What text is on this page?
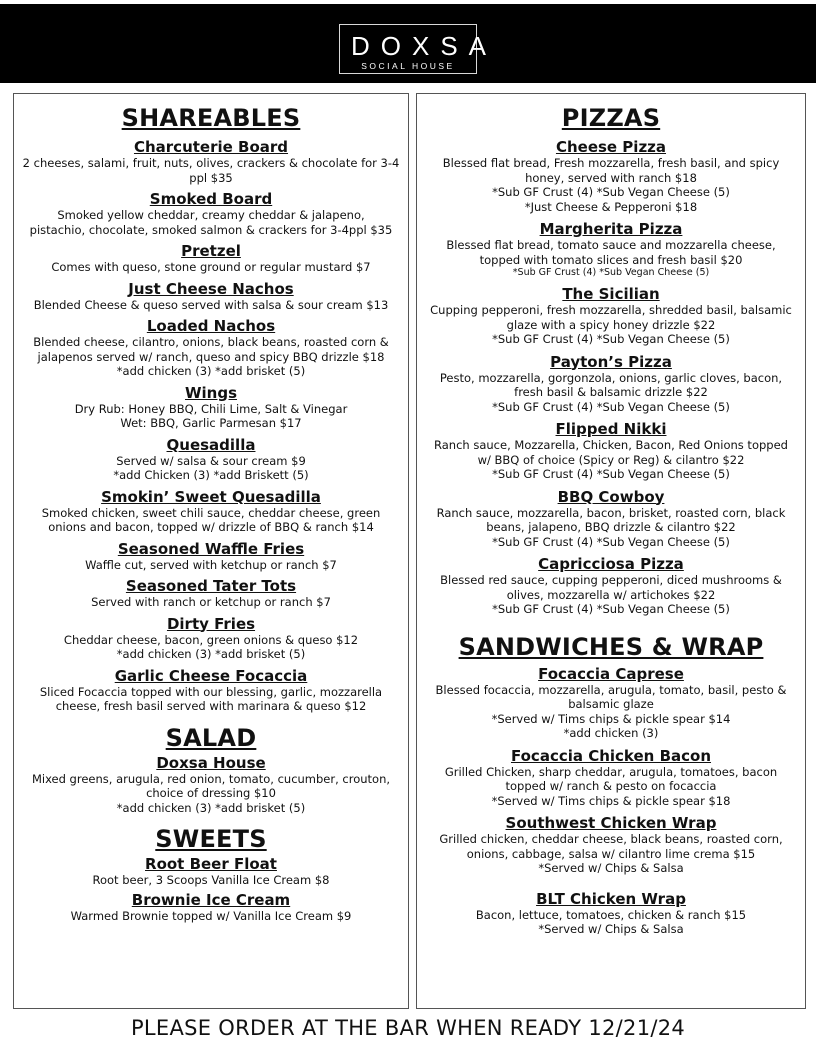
DOXSA
SOCIAL HOUSE
SHAREABLES
Charcuterie Board
2 cheeses, salami, fruit, nuts, olives, crackers & chocolate for 3-4
ppl $35
Smoked Board
Smoked yellow cheddar, creamy cheddar & jalapeno,
pistachio, chocolate, smoked salmon & crackers for 3-4ppl $35
Pretzel
Comes with queso, stone ground or regular mustard $7
Just Cheese Nachos
Blended Cheese & queso served with salsa & sour cream $13
Loaded Nachos
Blended cheese, cilantro, onions, black beans, roasted corn &
jalapenos served w/ ranch, queso and spicy BBQ drizzle $18
*add chicken (3) *add brisket (5)
Wings
Dry Rub: Honey BBQ, Chili Lime, Salt & Vinegar
Wet: BBQ, Garlic Parmesan $17
Quesadilla
Served w/ salsa & sour cream $9
*add Chicken (3) *add Briskett (5)
Smokin’ Sweet Quesadilla
Smoked chicken, sweet chili sauce, cheddar cheese, green
onions and bacon, topped w/ drizzle of BBQ & ranch $14
Seasoned Waffle Fries
Waffle cut, served with ketchup or ranch $7
Seasoned Tater Tots
Served with ranch or ketchup or ranch $7
Dirty Fries
Cheddar cheese, bacon, green onions & queso $12
*add chicken (3) *add brisket (5)
Garlic Cheese Focaccia
Sliced Focaccia topped with our blessing, garlic, mozzarella
cheese, fresh basil served with marinara & queso $12
SALAD
Doxsa House
Mixed greens, arugula, red onion, tomato, cucumber, crouton,
choice of dressing $10
*add chicken (3) *add brisket (5)
SWEETS
Root Beer Float
Root beer, 3 Scoops Vanilla Ice Cream $8
Brownie Ice Cream
Warmed Brownie topped w/ Vanilla Ice Cream $9
PIZZAS
Cheese Pizza
Blessed flat bread, Fresh mozzarella, fresh basil, and spicy
honey, served with ranch $18
*Sub GF Crust (4) *Sub Vegan Cheese (5)
*Just Cheese & Pepperoni $18
Margherita Pizza
Blessed flat bread, tomato sauce and mozzarella cheese,
topped with tomato slices and fresh basil $20
*Sub GF Crust (4) *Sub Vegan Cheese (5)
The Sicilian
Cupping pepperoni, fresh mozzarella, shredded basil, balsamic
glaze with a spicy honey drizzle $22
*Sub GF Crust (4) *Sub Vegan Cheese (5)
Payton’s Pizza
Pesto, mozzarella, gorgonzola, onions, garlic cloves, bacon,
fresh basil & balsamic drizzle $22
*Sub GF Crust (4) *Sub Vegan Cheese (5)
Flipped Nikki
Ranch sauce, Mozzarella, Chicken, Bacon, Red Onions topped
w/ BBQ of choice (Spicy or Reg) & cilantro $22
*Sub GF Crust (4) *Sub Vegan Cheese (5)
BBQ Cowboy
Ranch sauce, mozzarella, bacon, brisket, roasted corn, black
beans, jalapeno, BBQ drizzle & cilantro $22
*Sub GF Crust (4) *Sub Vegan Cheese (5)
Capricciosa Pizza
Blessed red sauce, cupping pepperoni, diced mushrooms &
olives, mozzarella w/ artichokes $22
*Sub GF Crust (4) *Sub Vegan Cheese (5)
SANDWICHES & WRAP
Focaccia Caprese
Blessed focaccia, mozzarella, arugula, tomato, basil, pesto &
balsamic glaze
*Served w/ Tims chips & pickle spear $14
*add chicken (3)
Focaccia Chicken Bacon
Grilled Chicken, sharp cheddar, arugula, tomatoes, bacon
topped w/ ranch & pesto on focaccia
*Served w/ Tims chips & pickle spear $18
Southwest Chicken Wrap
Grilled chicken, cheddar cheese, black beans, roasted corn,
onions, cabbage, salsa w/ cilantro lime crema $15
*Served w/ Chips & Salsa
BLT Chicken Wrap
Bacon, lettuce, tomatoes, chicken & ranch $15
*Served w/ Chips & Salsa
PLEASE ORDER AT THE BAR WHEN READY 12/21/24
